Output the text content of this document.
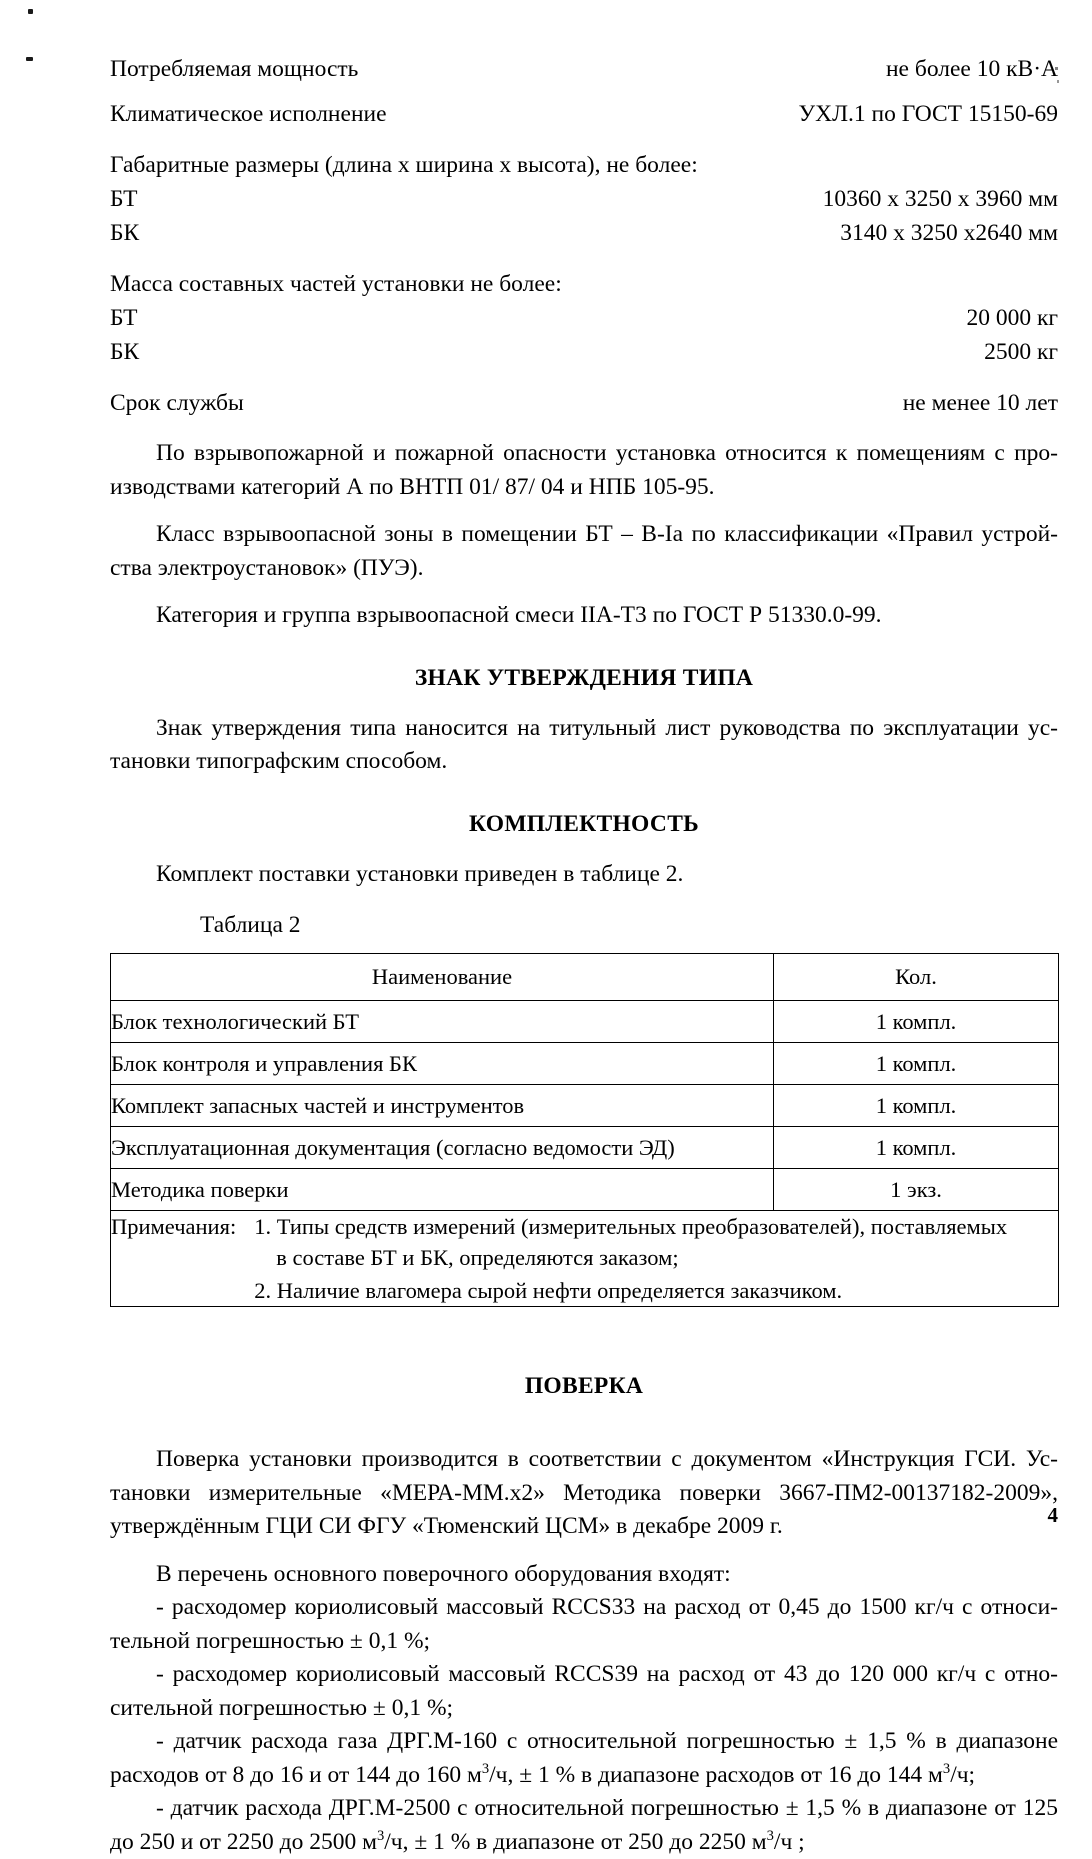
Потребляемая мощность	не более 10 кВ·А
Климатическое исполнение	УХЛ.1 по ГОСТ 15150-69
Габаритные размеры (длина х ширина х высота), не более:
БТ	10360 x 3250 x 3960 мм
БК	3140 x 3250 x2640 мм
Масса составных частей установки не более:
БТ	20 000 кг
БК	2500 кг
Срок службы	не менее 10 лет

По взрывопожарной и пожарной опасности установка относится к помещениям с производствами категорий А по ВНТП 01/ 87/ 04 и НПБ 105-95.

Класс взрывоопасной зоны в помещении БТ – В-Iа по классификации «Правил устройства электроустановок» (ПУЭ).

Категория и группа взрывоопасной смеси IIА-Т3 по ГОСТ Р 51330.0-99.

ЗНАК УТВЕРЖДЕНИЯ ТИПА

Знак утверждения типа наносится на титульный лист руководства по эксплуатации установки типографским способом.

КОМПЛЕКТНОСТЬ

Комплект поставки установки приведен в таблице 2.

Таблица 2
Наименование	Кол.
Блок технологический БТ	1 компл.
Блок контроля и управления БК	1 компл.
Комплект запасных частей и инструментов	1 компл.
Эксплуатационная документация (согласно ведомости ЭД)	1 компл.
Методика поверки	1 экз.

Примечания: 1. Типы средств измерений (измерительных преобразователей), поставляемых
в составе БТ и БК, определяются заказом;
2. Наличие влагомера сырой нефти определяется заказчиком.	
ПОВЕРКА

Поверка установки производится в соответствии с документом «Инструкция ГСИ. Установки измерительные «МЕРА-ММ.х2» Методика поверки 3667-ПМ2-00137182-2009», утверждённым ГЦИ СИ ФГУ «Тюменский ЦСМ» в декабре 2009 г.

В перечень основного поверочного оборудования входят:

- расходомер кориолисовый массовый RCCS33 на расход от 0,45 до 1500 кг/ч с относительной погрешностью ± 0,1 %;

- расходомер кориолисовый массовый RCCS39 на расход от 43 до 120 000 кг/ч с относительной погрешностью ± 0,1 %;

- датчик расхода газа ДРГ.М-160 с относительной погрешностью ± 1,5 % в диапазоне расходов от 8 до 16 и от 144 до 160 $м^3/ч$, ± 1 % в диапазоне расходов от 16 до 144 $м^3/ч$;

- датчик расхода ДРГ.М-2500 с относительной погрешностью ± 1,5 % в диапазоне от 125 до 250 и от 2250 до 2500 $м^3/ч$, ± 1 % в диапазоне от 250 до 2250 $м^3/ч$ ;

4
